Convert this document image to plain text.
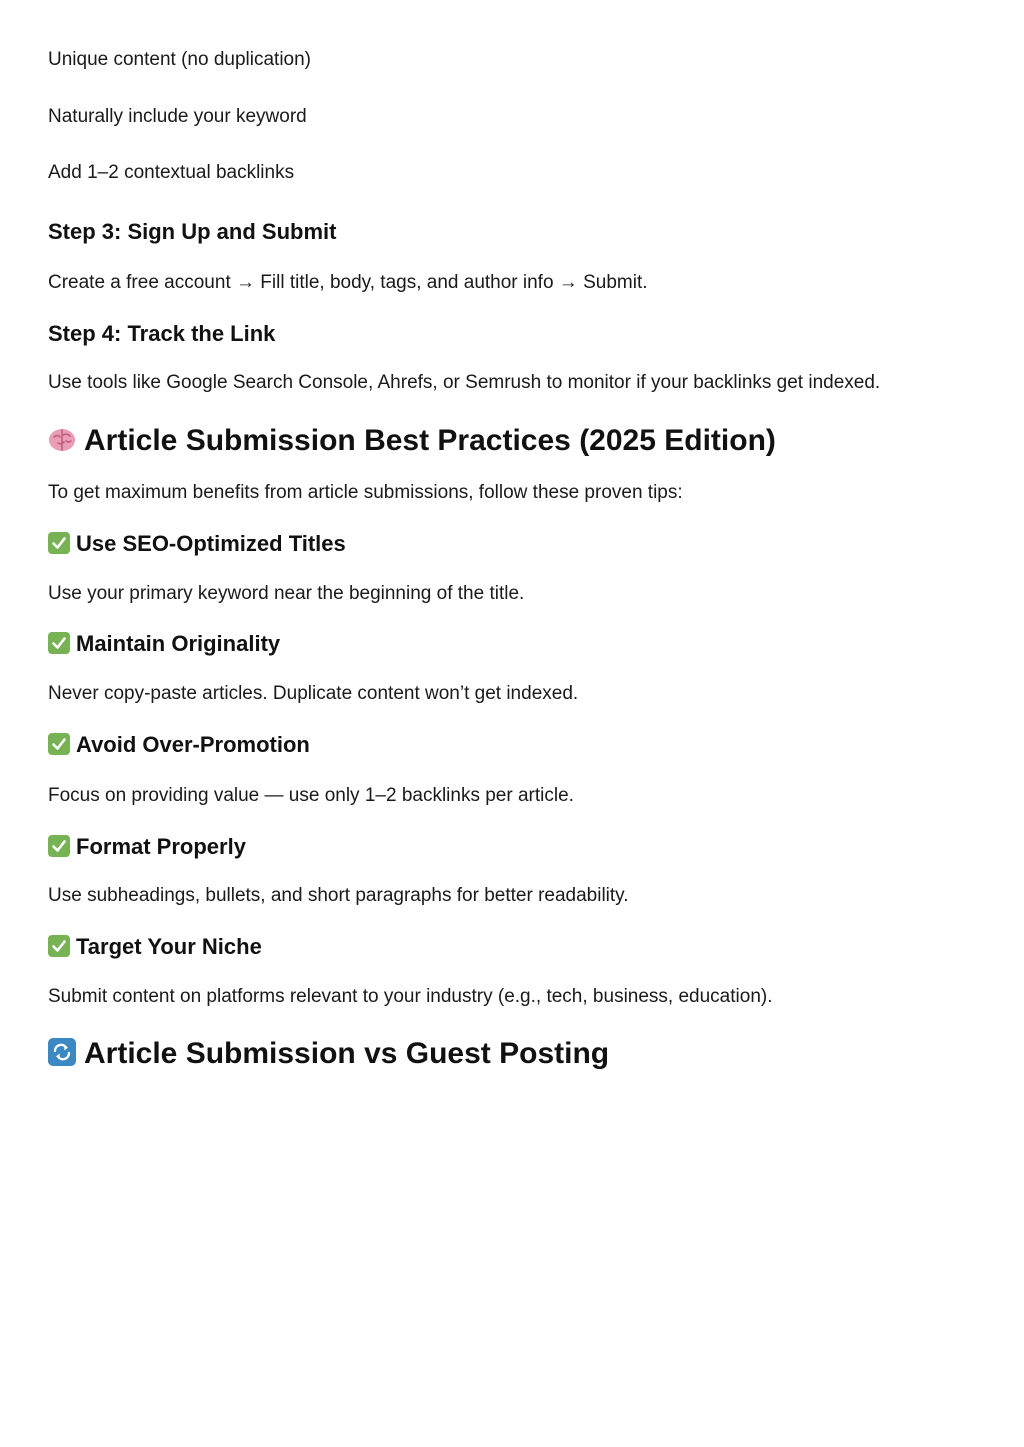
Unique content (no duplication)
Naturally include your keyword
Add 1–2 contextual backlinks
Step 3: Sign Up and Submit
Create a free account → Fill title, body, tags, and author info → Submit.
Step 4: Track the Link
Use tools like Google Search Console, Ahrefs, or Semrush to monitor if your backlinks get indexed.
Article Submission Best Practices (2025 Edition)
To get maximum benefits from article submissions, follow these proven tips:
Use SEO-Optimized Titles
Use your primary keyword near the beginning of the title.
Maintain Originality
Never copy-paste articles. Duplicate content won’t get indexed.
Avoid Over-Promotion
Focus on providing value — use only 1–2 backlinks per article.
Format Properly
Use subheadings, bullets, and short paragraphs for better readability.
Target Your Niche
Submit content on platforms relevant to your industry (e.g., tech, business, education).
Article Submission vs Guest Posting
